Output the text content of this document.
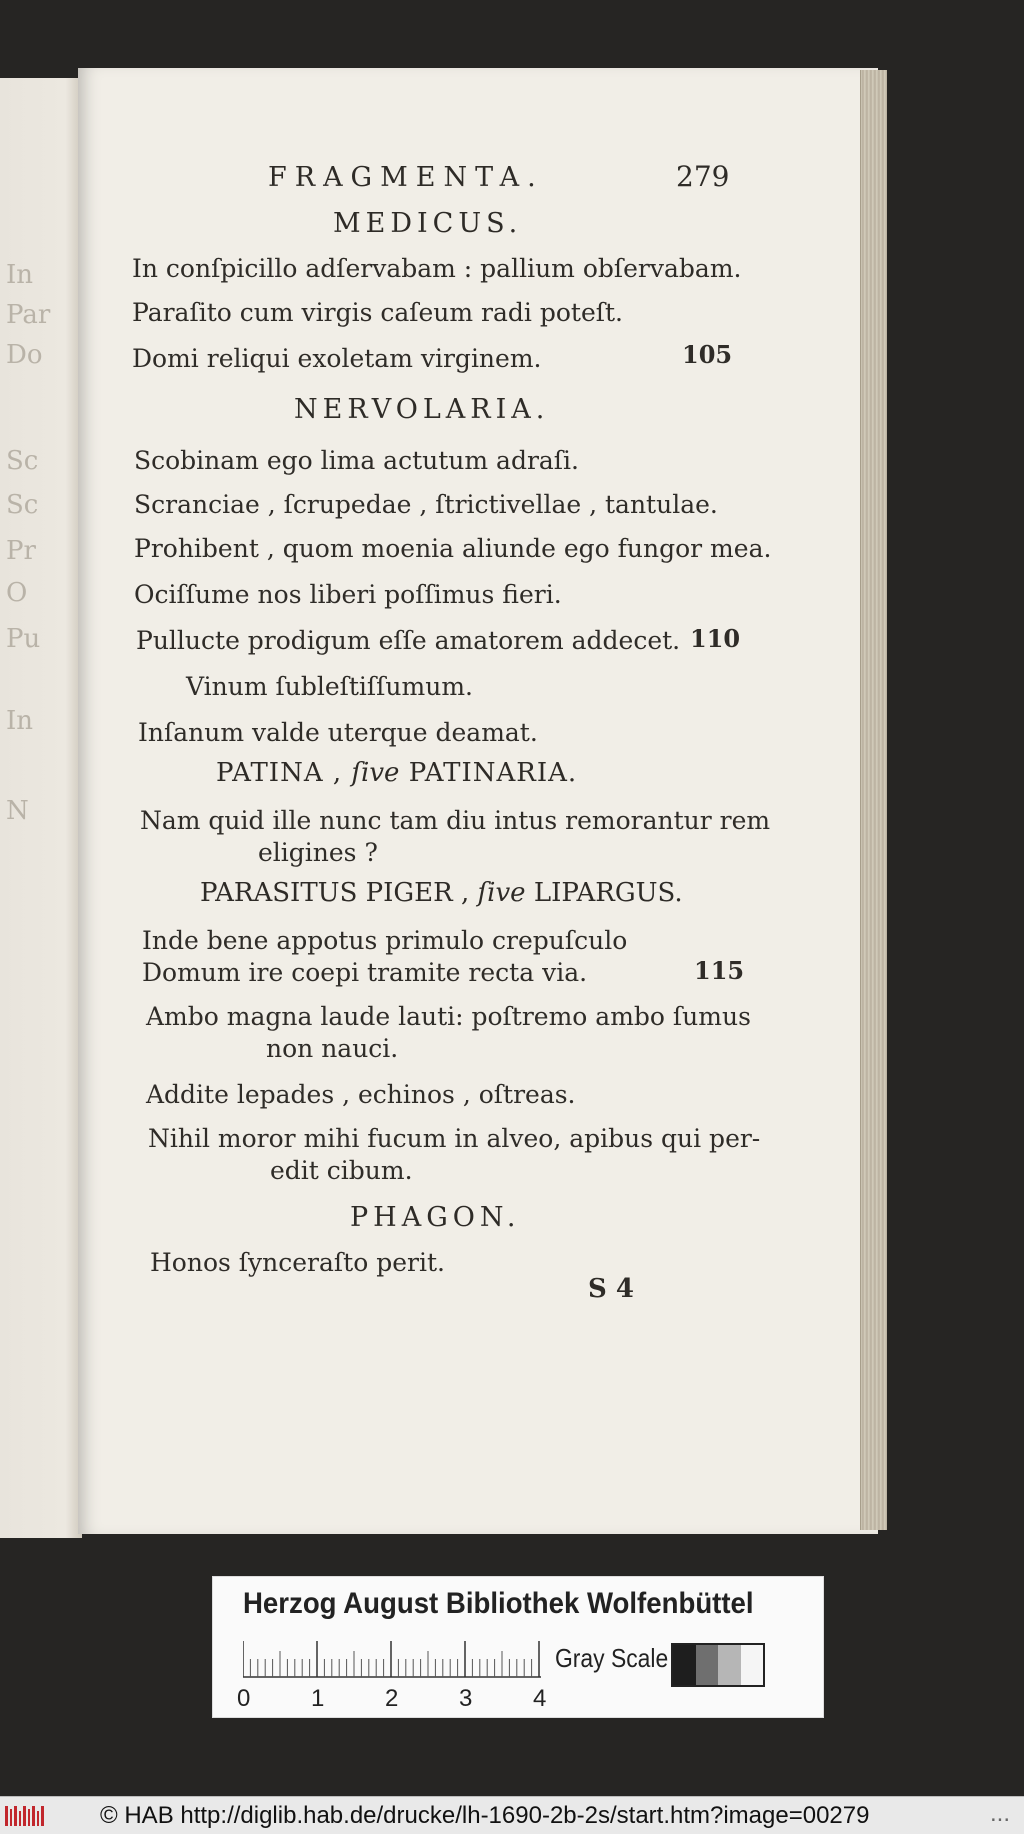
In
Par
Do
Sc
Sc
Pr
O
Pu
In
N
FRAGMENTA.	279
MEDICUS.
In conſpicillo adſervabam : pallium obſervabam.
Paraſito cum virgis caſeum radi poteſt.
Domi reliqui exoletam virginem.	105
NERVOLARIA.
Scobinam ego lima actutum adraſi.
Scranciae , ſcrupedae , ſtrictivellae , tantulae.
Prohibent , quom moenia aliunde ego fungor mea.
Ociſſume nos liberi poſſimus fieri.
Pullucte prodigum eſſe amatorem addecet. 110
Vinum ſubleſtiſſumum.
Inſanum valde uterque deamat.
PATINA , ſive PATINARIA.
Nam quid ille nunc tam diu intus remorantur rem
eligines ?
PARASITUS PIGER , ſive LIPARGUS.
Inde bene appotus primulo crepuſculo
Domum ire coepi tramite recta via.	115
Ambo magna laude lauti: poſtremo ambo ſumus
non nauci.
Addite lepades , echinos , oſtreas.
Nihil moror mihi fucum in alveo, apibus qui per-
edit cibum.
PHAGON.
Honos ſynceraſto perit.
S 4
Herzog August Bibliothek Wolfenbüttel
0	1	2	3	4
Gray Scale
© HAB http://diglib.hab.de/drucke/lh-1690-2b-2s/start.htm?image=00279	...
